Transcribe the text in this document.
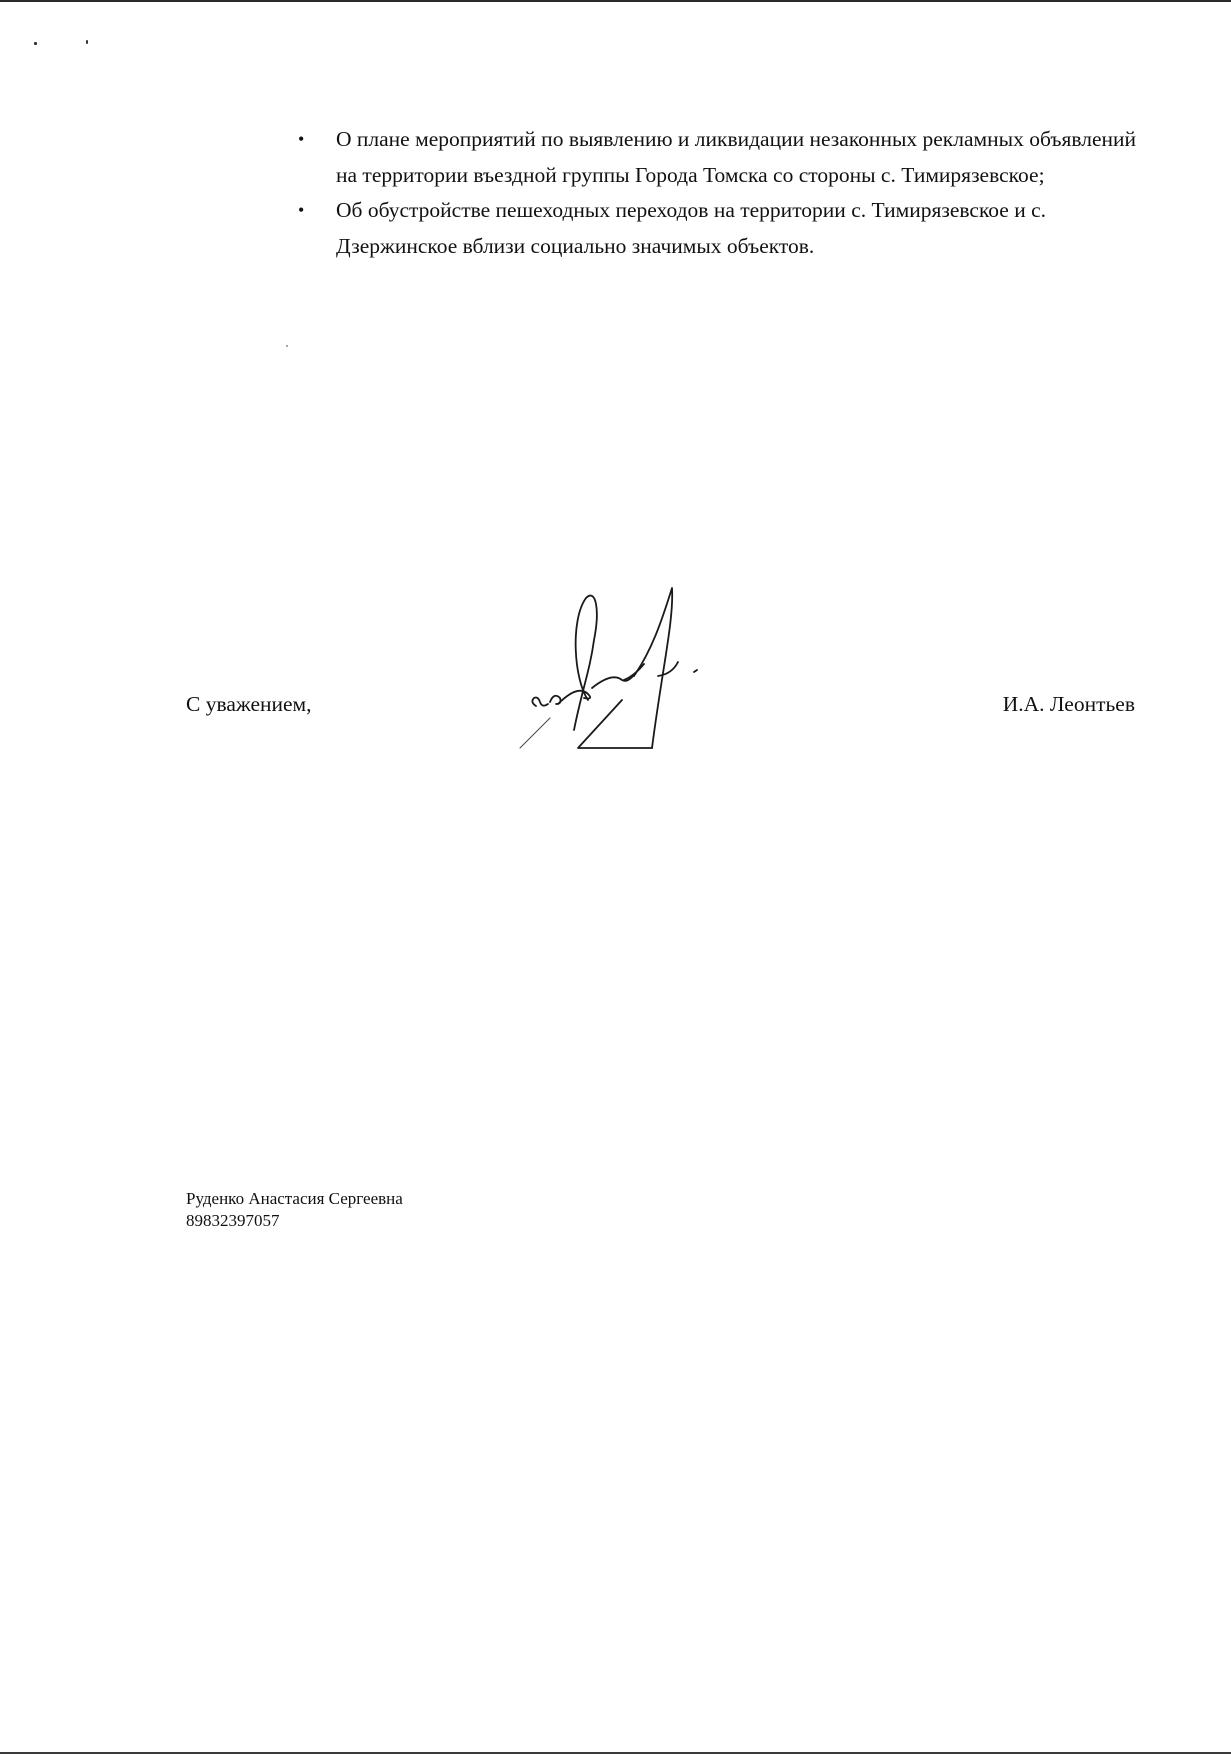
• О плане мероприятий по выявлению и ликвидации незаконных рекламных объявлений на территории въездной группы Города Томска со стороны с. Тимирязевское;
• Об обустройстве пешеходных переходов на территории с. Тимирязевское и с. Дзержинское вблизи социально значимых объектов.
С уважением,	И.А. Леонтьев
Руденко Анастасия Сергеевна
89832397057
